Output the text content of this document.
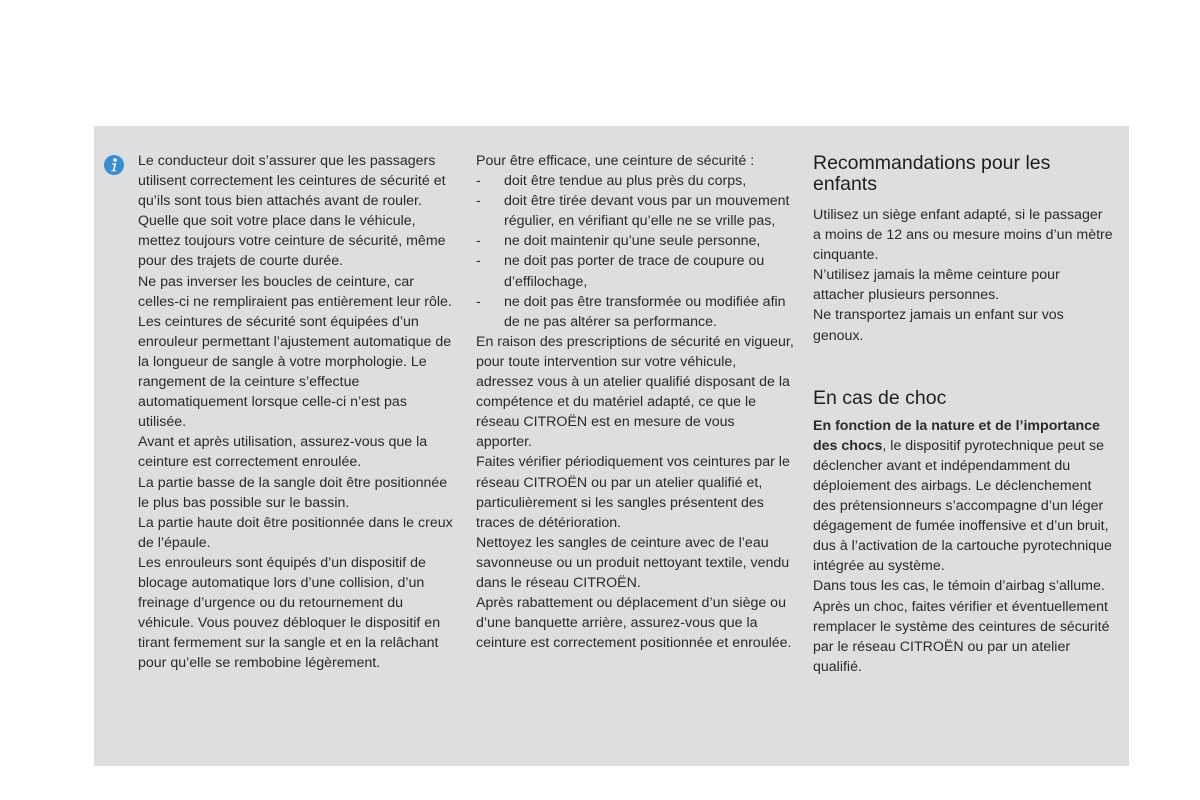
Le conducteur doit s’assurer que les passagers utilisent correctement les ceintures de sécurité et qu’ils sont tous bien attachés avant de rouler.

Quelle que soit votre place dans le véhicule, mettez toujours votre ceinture de sécurité, même pour des trajets de courte durée.

Ne pas inverser les boucles de ceinture, car celles-ci ne rempliraient pas entièrement leur rôle.

Les ceintures de sécurité sont équipées d’un enrouleur permettant l’ajustement automatique de la longueur de sangle à votre morphologie. Le rangement de la ceinture s’effectue automatiquement lorsque celle-ci n’est pas utilisée.

Avant et après utilisation, assurez-vous que la ceinture est correctement enroulée.

La partie basse de la sangle doit être positionnée le plus bas possible sur le bassin.

La partie haute doit être positionnée dans le creux de l’épaule.

Les enrouleurs sont équipés d’un dispositif de blocage automatique lors d’une collision, d’un freinage d’urgence ou du retournement du véhicule. Vous pouvez débloquer le dispositif en tirant fermement sur la sangle et en la relâchant pour qu’elle se rembobine légèrement.

Pour être efficace, une ceinture de sécurité :

- doit être tendue au plus près du corps,
- doit être tirée devant vous par un mouvement régulier, en vérifiant qu’elle ne se vrille pas,
- ne doit maintenir qu’une seule personne,
- ne doit pas porter de trace de coupure ou d’effilochage,
- ne doit pas être transformée ou modifiée afin de ne pas altérer sa performance.

En raison des prescriptions de sécurité en vigueur, pour toute intervention sur votre véhicule, adressez vous à un atelier qualifié disposant de la compétence et du matériel adapté, ce que le réseau CITROËN est en mesure de vous apporter.

Faites vérifier périodiquement vos ceintures par le réseau CITROËN ou par un atelier qualifié et, particulièrement si les sangles présentent des traces de détérioration.

Nettoyez les sangles de ceinture avec de l’eau savonneuse ou un produit nettoyant textile, vendu dans le réseau CITROËN.

Après rabattement ou déplacement d’un siège ou d’une banquette arrière, assurez-vous que la ceinture est correctement positionnée et enroulée.

Recommandations pour les enfants

Utilisez un siège enfant adapté, si le passager a moins de 12 ans ou mesure moins d’un mètre cinquante.

N’utilisez jamais la même ceinture pour attacher plusieurs personnes.

Ne transportez jamais un enfant sur vos genoux.

En cas de choc

En fonction de la nature et de l’importance des chocs, le dispositif pyrotechnique peut se déclencher avant et indépendamment du déploiement des airbags. Le déclenchement des prétensionneurs s’accompagne d’un léger dégagement de fumée inoffensive et d’un bruit, dus à l’activation de la cartouche pyrotechnique intégrée au système.

Dans tous les cas, le témoin d’airbag s’allume.

Après un choc, faites vérifier et éventuellement remplacer le système des ceintures de sécurité par le réseau CITROËN ou par un atelier qualifié.
